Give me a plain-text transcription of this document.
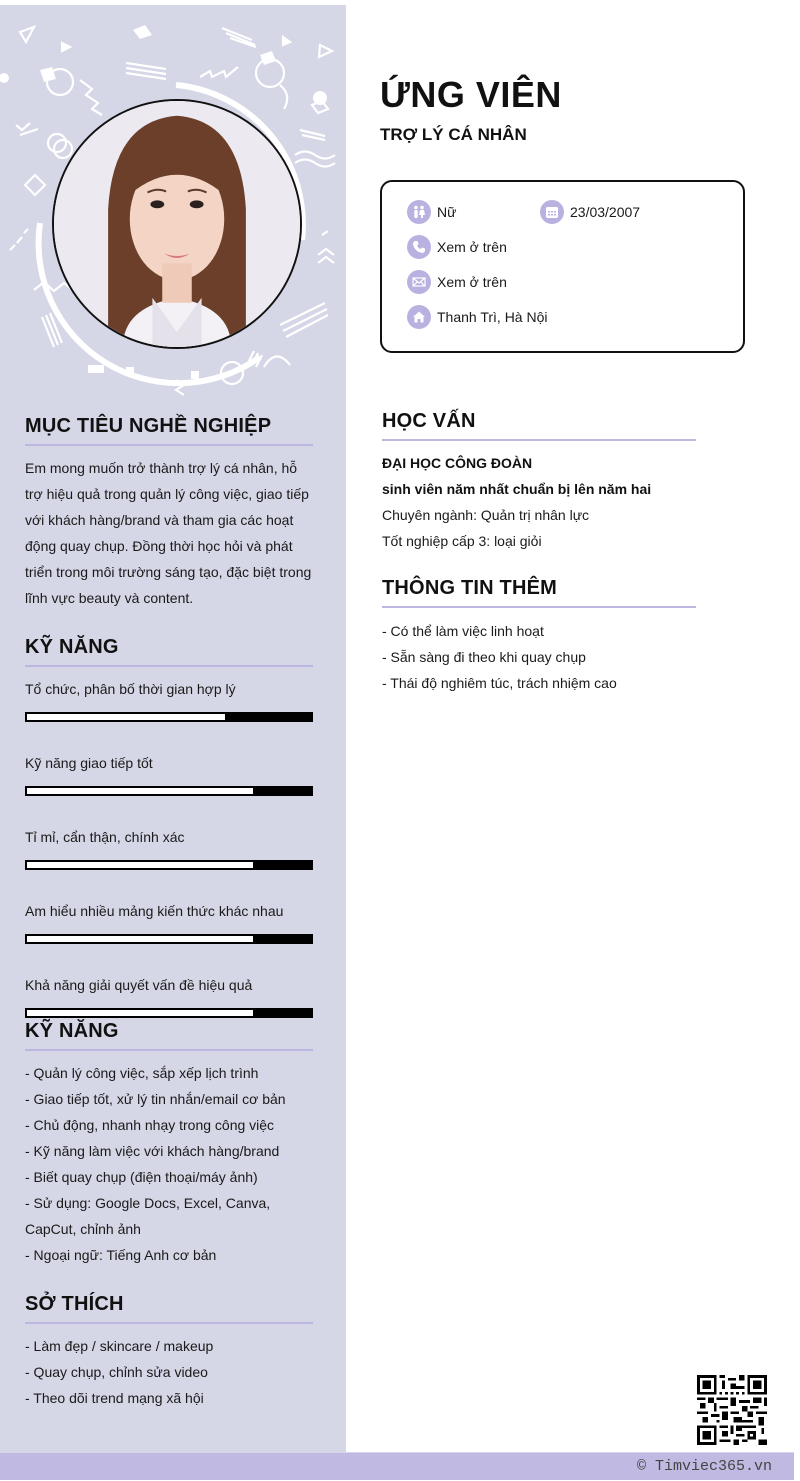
MỤC TIÊU NGHỀ NGHIỆP
Em mong muốn trở thành trợ lý cá nhân, hỗ trợ hiệu quả trong quản lý công việc, giao tiếp với khách hàng/brand và tham gia các hoạt động quay chụp. Đồng thời học hỏi và phát triển trong môi trường sáng tạo, đặc biệt trong lĩnh vực beauty và content.
KỸ NĂNG
Tổ chức, phân bố thời gian hợp lý
Kỹ năng giao tiếp tốt
Tỉ mỉ, cẩn thận, chính xác
Am hiểu nhiều mảng kiến thức khác nhau
Khả năng giải quyết vấn đề hiệu quả
KỸ NĂNG
- Quản lý công việc, sắp xếp lịch trình
- Giao tiếp tốt, xử lý tin nhắn/email cơ bản
- Chủ động, nhanh nhạy trong công việc
- Kỹ năng làm việc với khách hàng/brand
- Biết quay chụp (điện thoại/máy ảnh)
- Sử dụng: Google Docs, Excel, Canva, CapCut, chỉnh ảnh
- Ngoại ngữ: Tiếng Anh cơ bản
SỞ THÍCH
- Làm đẹp / skincare / makeup
- Quay chụp, chỉnh sửa video
- Theo dõi trend mạng xã hội
ỨNG VIÊN
TRỢ LÝ CÁ NHÂN
Nữ	23/03/2007
Xem ở trên
Xem ở trên
Thanh Trì, Hà Nội
HỌC VẤN
ĐẠI HỌC CÔNG ĐOÀN
sinh viên năm nhất chuẩn bị lên năm hai
Chuyên ngành: Quản trị nhân lực
Tốt nghiệp cấp 3: loại giỏi
THÔNG TIN THÊM
- Có thể làm việc linh hoạt
- Sẵn sàng đi theo khi quay chụp
- Thái độ nghiêm túc, trách nhiệm cao
© Timviec365.vn
